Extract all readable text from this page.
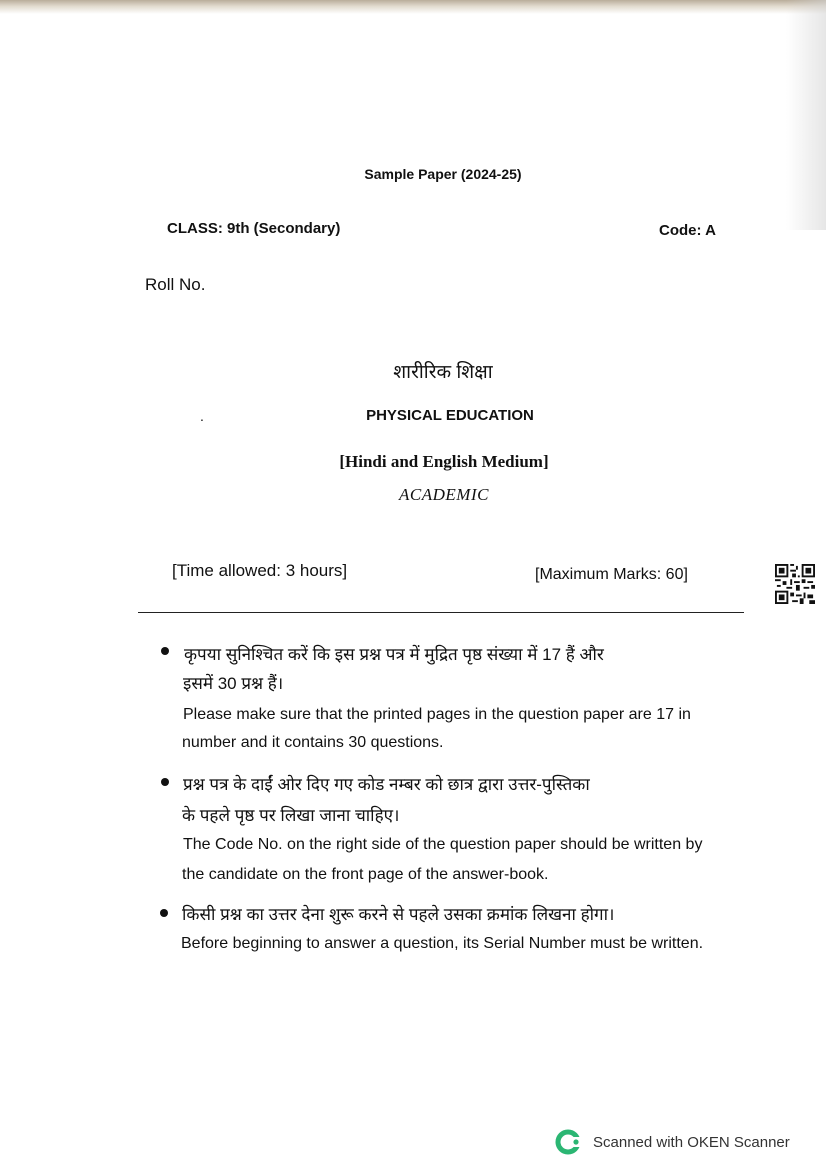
Sample Paper (2024-25)
CLASS: 9th (Secondary)	Code: A
Roll No.
शारीरिक शिक्षा
.	PHYSICAL EDUCATION
[Hindi and English Medium]
ACADEMIC
[Time allowed: 3 hours]	[Maximum Marks: 60]
कृपया सुनिश्चित करें कि इस प्रश्न पत्र में मुद्रित पृष्ठ संख्या में 17 हैं और
इसमें 30 प्रश्न हैं।
Please make sure that the printed pages in the question paper are 17 in
number and it contains 30 questions.
प्रश्न पत्र के दाईं ओर दिए गए कोड नम्बर को छात्र द्वारा उत्तर-पुस्तिका
के पहले पृष्ठ पर लिखा जाना चाहिए।
The Code No. on the right side of the question paper should be written by
the candidate on the front page of the answer-book.
किसी प्रश्न का उत्तर देना शुरू करने से पहले उसका क्रमांक लिखना होगा।
Before beginning to answer a question, its Serial Number must be written.
Scanned with OKEN Scanner
